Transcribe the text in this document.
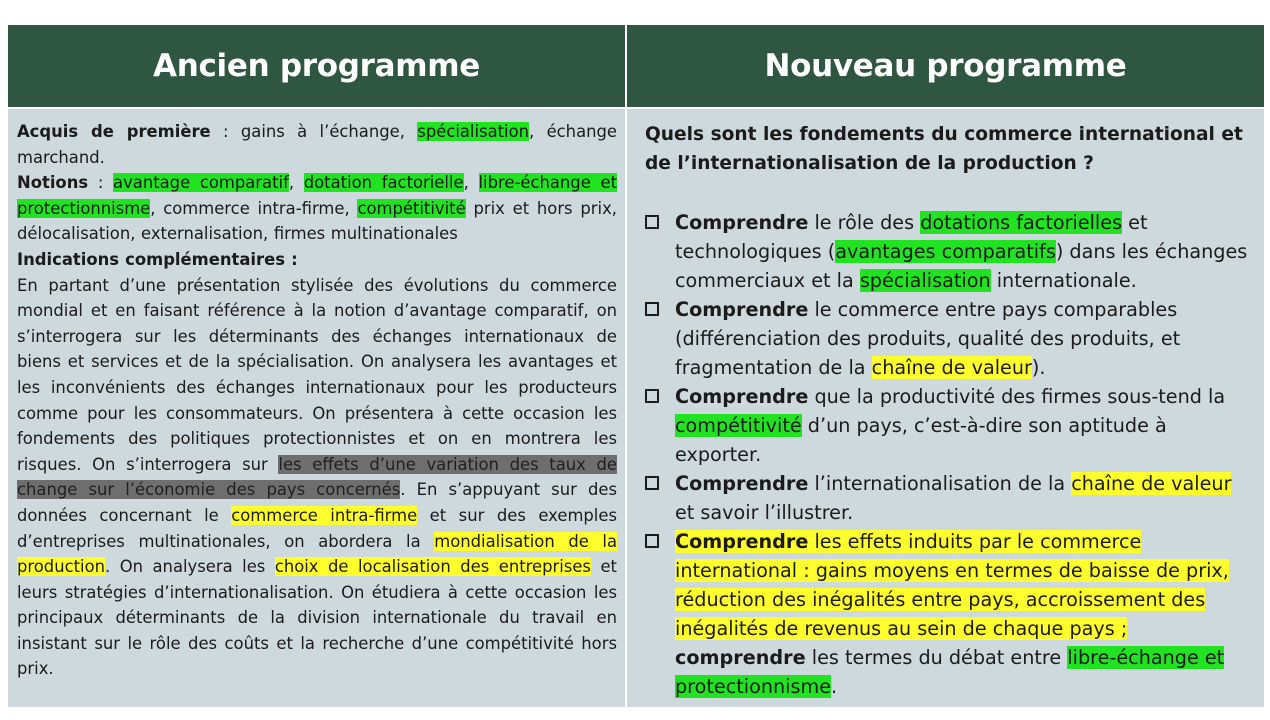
Ancien programme	Nouveau programme

Acquis de première : gains à l’échange, spécialisation, échange marchand.

Notions : avantage comparatif, dotation factorielle, libre-échange et protectionnisme, commerce intra-firme, compétitivité prix et hors prix, délocalisation, externalisation, firmes multinationales

Indications complémentaires :

En partant d’une présentation stylisée des évolutions du commerce mondial et en faisant référence à la notion d’avantage comparatif, on s’interrogera sur les déterminants des échanges internationaux de biens et services et de la spécialisation. On analysera les avantages et les inconvénients des échanges internationaux pour les producteurs comme pour les consommateurs. On présentera à cette occasion les fondements des politiques protectionnistes et on en montrera les risques. On s’interrogera sur les effets d’une variation des taux de change sur l’économie des pays concernés. En s’appuyant sur des données concernant le commerce intra-firme et sur des exemples d’entreprises multinationales, on abordera la mondialisation de la production. On analysera les choix de localisation des entreprises et leurs stratégies d’internationalisation. On étudiera à cette occasion les principaux déterminants de la division internationale du travail en insistant sur le rôle des coûts et la recherche d’une compétitivité hors prix.

Quels sont les fondements du commerce international et de l’internationalisation de la production ?

Comprendre le rôle des dotations factorielles et technologiques (avantages comparatifs) dans les échanges commerciaux et la spécialisation internationale.
Comprendre le commerce entre pays comparables (différenciation des produits, qualité des produits, et fragmentation de la chaîne de valeur).
Comprendre que la productivité des firmes sous-tend la compétitivité d’un pays, c’est-à-dire son aptitude à exporter.
Comprendre l’internationalisation de la chaîne de valeur et savoir l’illustrer.
Comprendre les effets induits par le commerce international : gains moyens en termes de baisse de prix, réduction des inégalités entre pays, accroissement des inégalités de revenus au sein de chaque pays ;
comprendre les termes du débat entre libre-échange et protectionnisme.
